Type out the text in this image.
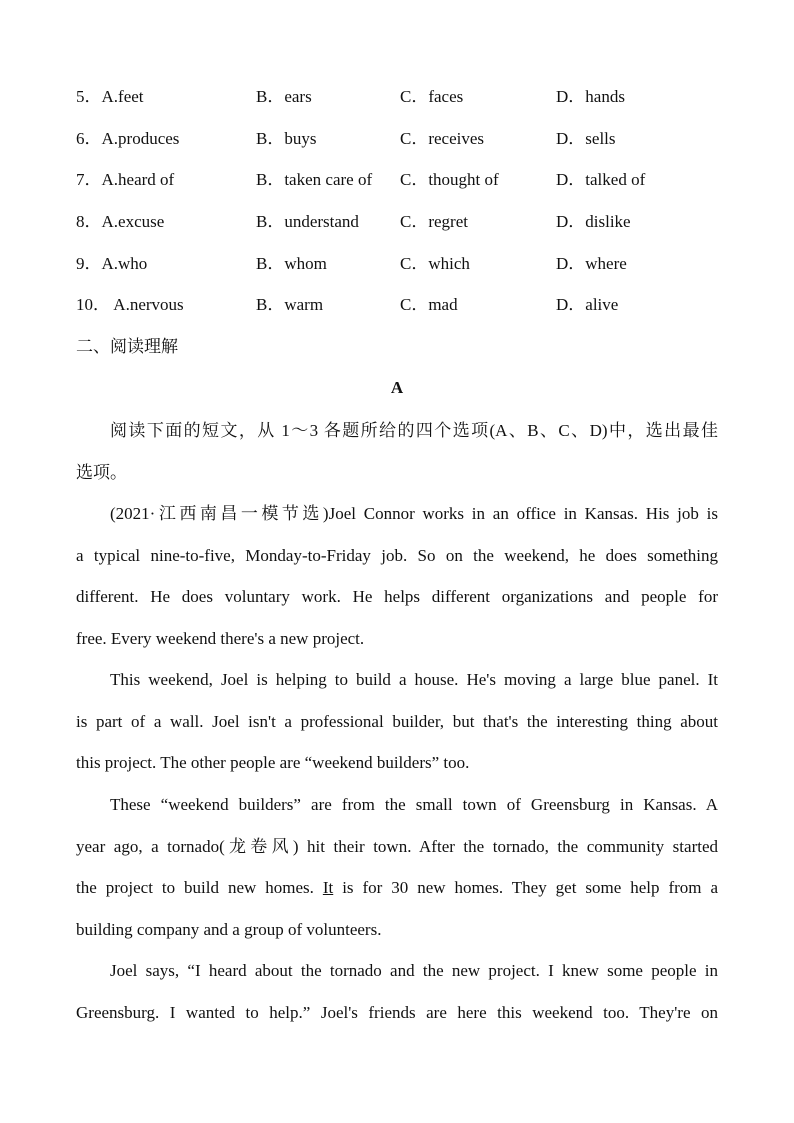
5．A.feet	B．ears	C．faces	D．hands
6．A.produces	B．buys	C．receives	D．sells
7．A.heard of	B．taken care of C．thought of	D．talked of
8．A.excuse	B．understand C．regret	D．dislike
9．A.who	B．whom	C．which	D．where
10． A.nervous	B．warm	C．mad	D．alive
二、阅读理解
A
阅读下面的短文，从 1～3 各题所给的四个选项(A、B、C、D)中，选出最佳
选项。
(2021·江西南昌一模节选)Joel Connor works in an office in Kansas. His job is
a typical nine-to-five, Monday-to-Friday job. So on the weekend, he does something
different. He does voluntary work. He helps different organizations and people for
free. Every weekend there's a new project.
This weekend, Joel is helping to build a house. He's moving a large blue panel. It
is part of a wall. Joel isn't a professional builder, but that's the interesting thing about
this project. The other people are “weekend builders” too.
These “weekend builders” are from the small town of Greensburg in Kansas. A
year ago, a tornado(龙卷风) hit their town. After the tornado, the community started
the project to build new homes. It is for 30 new homes. They get some help from a
building company and a group of volunteers.
Joel says, “I heard about the tornado and the new project. I knew some people in
Greensburg. I wanted to help.” Joel's friends are here this weekend too. They're on
